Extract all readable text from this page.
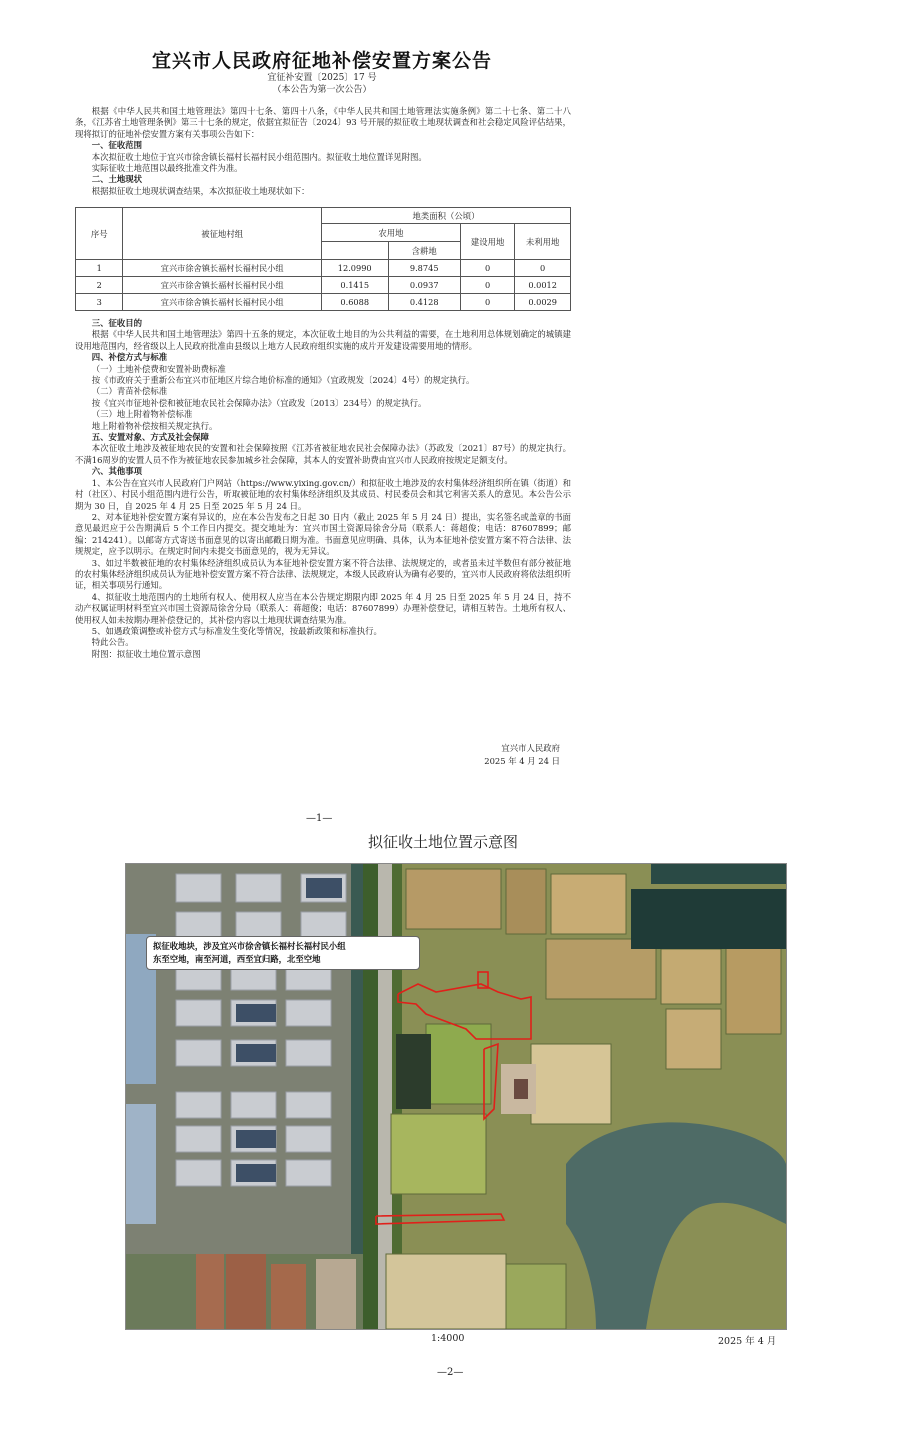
宜兴市人民政府征地补偿安置方案公告
宜征补安置〔2025〕17 号
（本公告为第一次公告）

根据《中华人民共和国土地管理法》第四十七条、第四十八条，《中华人民共和国土地管理法实施条例》第二十七条、第二十八条，《江苏省土地管理条例》第三十七条的规定，依据宜拟征告〔2024〕93 号开展的拟征收土地现状调查和社会稳定风险评估结果，现将拟订的征地补偿安置方案有关事项公告如下：

一、征收范围

本次拟征收土地位于宜兴市徐舍镇长福村长福村民小组范围内。拟征收土地位置详见附图。

实际征收土地范围以最终批准文件为准。

二、土地现状

根据拟征收土地现状调查结果，本次拟征收土地现状如下：

序号	被征地村组	地类面积（公顷）			
		农用地		建设用地	未利用地
			含耕地		
1	宜兴市徐舍镇长福村长福村民小组	12.0990	9.8745	0	0
2	宜兴市徐舍镇长福村长福村民小组	0.1415	0.0937	0	0.0012
3	宜兴市徐舍镇长福村长福村民小组	0.6088	0.4128	0	0.0029

三、征收目的

根据《中华人民共和国土地管理法》第四十五条的规定，本次征收土地目的为公共利益的需要，在土地利用总体规划确定的城镇建设用地范围内，经省级以上人民政府批准由县级以上地方人民政府组织实施的成片开发建设需要用地的情形。

四、补偿方式与标准

（一）土地补偿费和安置补助费标准

按《市政府关于重新公布宜兴市征地区片综合地价标准的通知》（宜政规发〔2024〕4号）的规定执行。

（二）青苗补偿标准

按《宜兴市征地补偿和被征地农民社会保障办法》（宜政发〔2013〕234号）的规定执行。

（三）地上附着物补偿标准

地上附着物补偿按相关规定执行。

五、安置对象、方式及社会保障

本次征收土地涉及被征地农民的安置和社会保障按照《江苏省被征地农民社会保障办法》（苏政发〔2021〕87号）的规定执行。不满16周岁的安置人员不作为被征地农民参加城乡社会保障，其本人的安置补助费由宜兴市人民政府按规定足额支付。

六、其他事项

1、本公告在宜兴市人民政府门户网站（https://www.yixing.gov.cn/）和拟征收土地涉及的农村集体经济组织所在镇（街道）和村（社区）、村民小组范围内进行公告，听取被征地的农村集体经济组织及其成员、村民委员会和其它利害关系人的意见。本公告公示期为 30 日，自 2025 年 4 月 25 日至 2025 年 5 月 24 日。

2、对本征地补偿安置方案有异议的，应在本公告发布之日起 30 日内（截止 2025 年 5 月 24 日）提出，实名签名或盖章的书面意见最迟应于公告期满后 5 个工作日内提交。提交地址为：宜兴市国土资源局徐舍分局（联系人：蒋超俊；电话：87607899；邮编：214241）。以邮寄方式寄送书面意见的以寄出邮戳日期为准。书面意见应明确、具体，认为本征地补偿安置方案不符合法律、法规规定，应予以明示。在规定时间内未提交书面意见的，视为无异议。

3、如过半数被征地的农村集体经济组织成员认为本征地补偿安置方案不符合法律、法规规定的，或者虽未过半数但有部分被征地的农村集体经济组织成员认为征地补偿安置方案不符合法律、法规规定，本级人民政府认为确有必要的，宜兴市人民政府将依法组织听证，相关事项另行通知。

4、拟征收土地范围内的土地所有权人、使用权人应当在本公告规定期限内即 2025 年 4 月 25 日至 2025 年 5 月 24 日，持不动产权属证明材料至宜兴市国土资源局徐舍分局（联系人：蒋超俊；电话：87607899）办理补偿登记，请相互转告。土地所有权人、使用权人如未按期办理补偿登记的，其补偿内容以土地现状调查结果为准。

5、如遇政策调整或补偿方式与标准发生变化等情况，按最新政策和标准执行。

特此公告。

附图：拟征收土地位置示意图

宜兴市人民政府
2025 年 4 月 24 日
—1—
拟征收土地位置示意图
拟征收地块，涉及宜兴市徐舍镇长福村长福村民小组
东至空地，南至河道，西至宜归路，北至空地
1:4000	2025 年 4 月
—2—
